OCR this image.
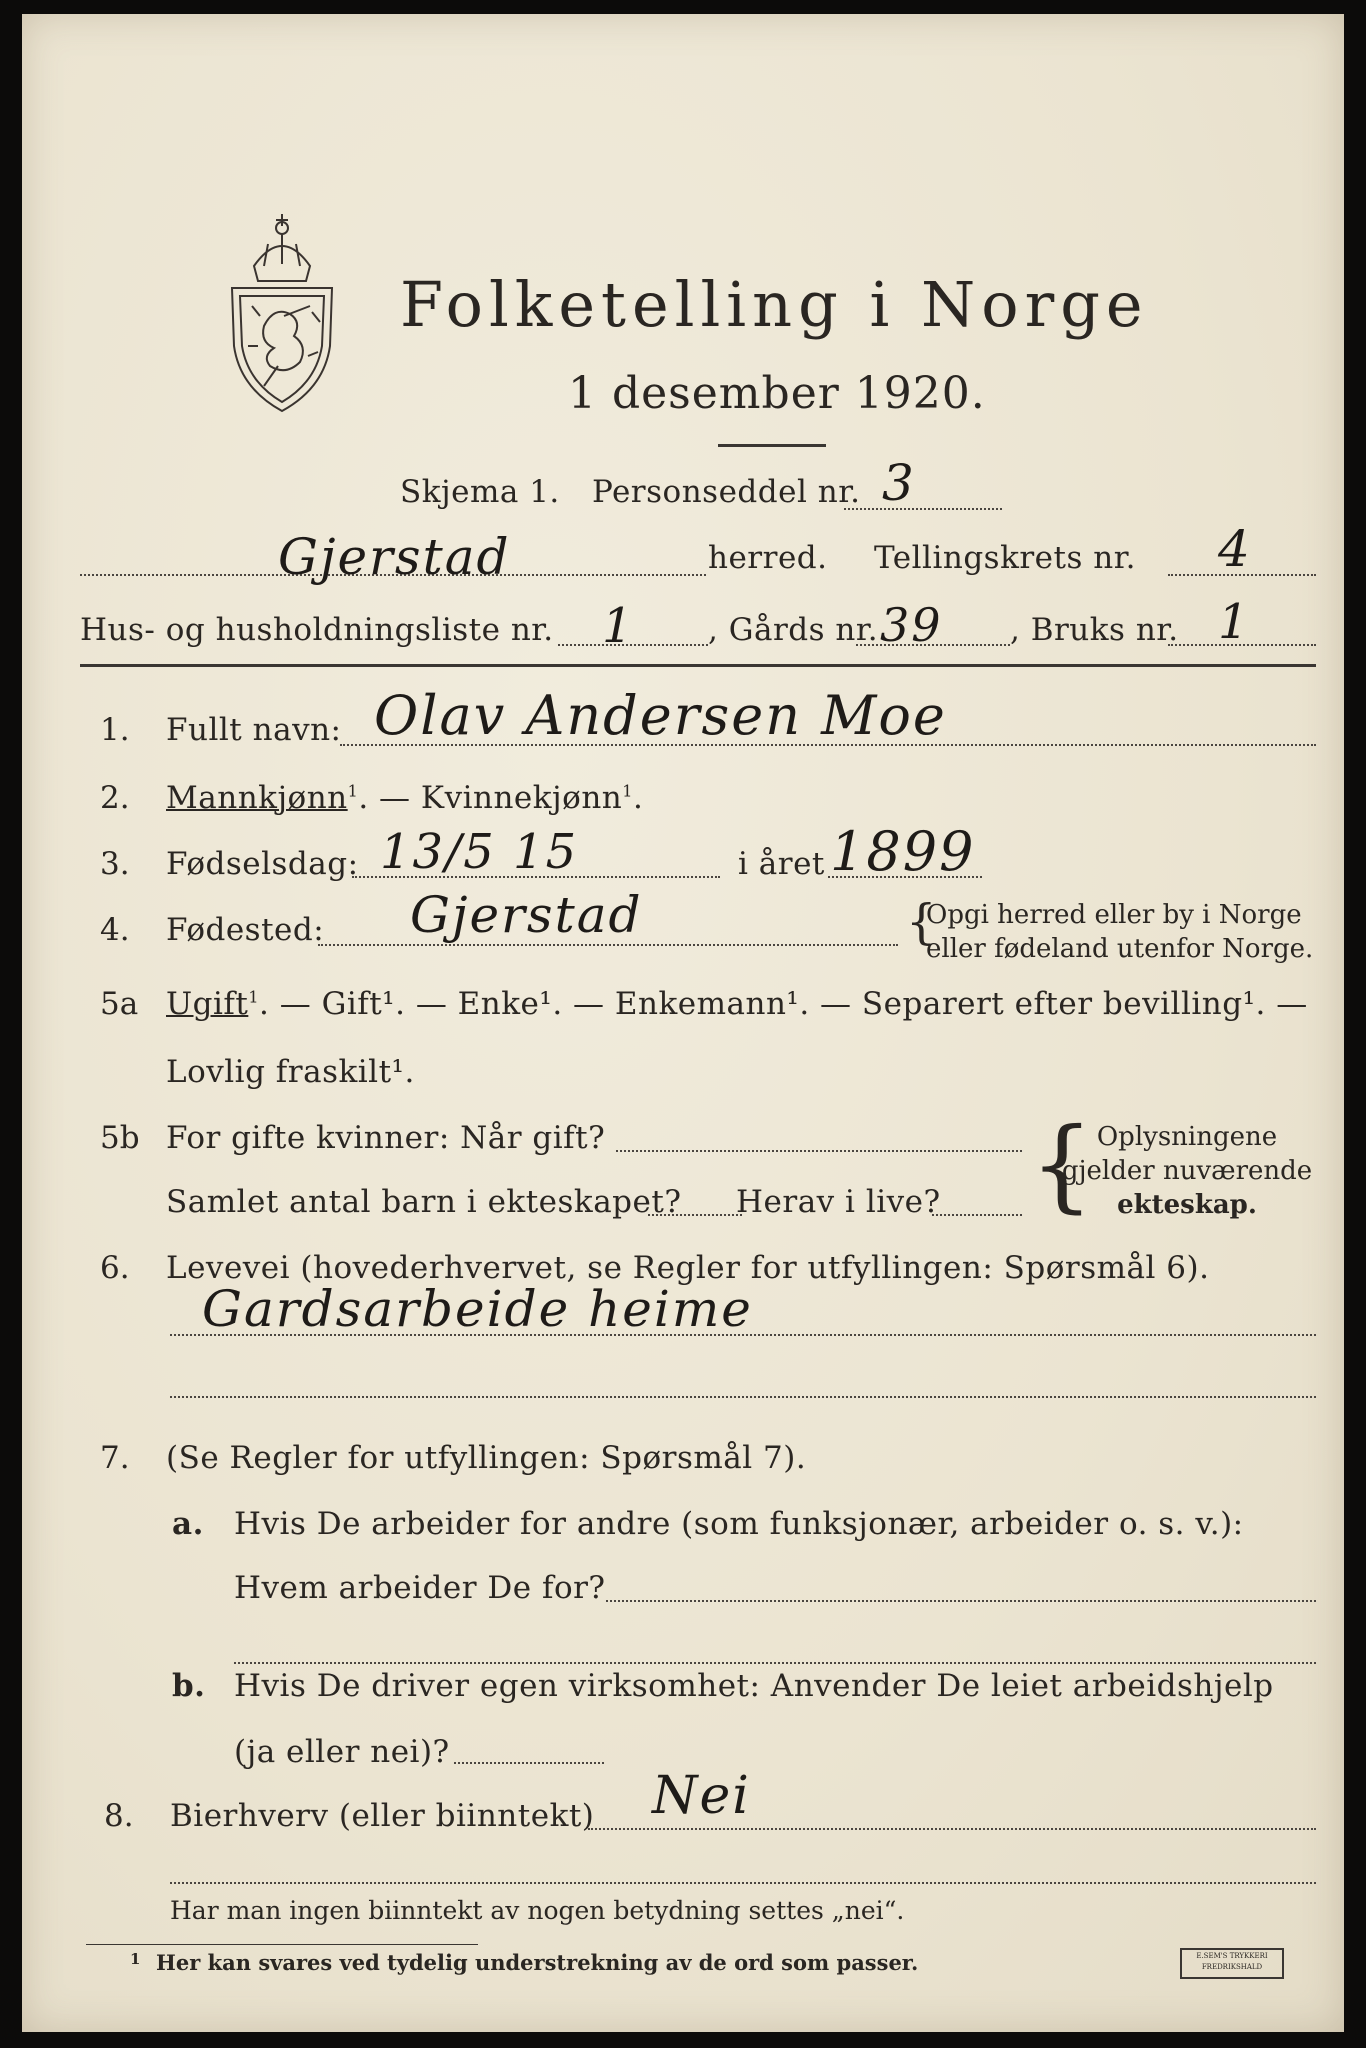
Folketelling i Norge
1 desember 1920.
Skjema 1. Personseddel nr. 3
Gjerstad	herred. Tellingskrets nr. 4
Hus- og husholdningsliste nr. 1 , Gårds nr. 39 , Bruks nr. 1
1. Fullt navn: Olav Andersen Moe
2. Mannkjønn$^1$. — Kvinnekjønn$^1$.
3. Fødselsdag: 13/5 15	i året 1899
4. Fødested: Gjerstad	{
Opgi herred eller by i Norge
eller fødeland utenfor Norge.
5a Ugift$^1$. — Gift¹. — Enke¹. — Enkemann¹. — Separert efter bevilling¹. —
Lovlig fraskilt¹.
5b For gifte kvinner: Når gift?
Samlet antal barn i ekteskapet? Herav i live? { Oplysningene
gjelder nuværende
ekteskap.
6. Levevei (hovederhvervet, se Regler for utfyllingen: Spørsmål 6).
Gardsarbeide heime
7. (Se Regler for utfyllingen: Spørsmål 7).
a. Hvis De arbeider for andre (som funksjonær, arbeider o. s. v.):
Hvem arbeider De for?
b. Hvis De driver egen virksomhet: Anvender De leiet arbeidshjelp
(ja eller nei)?
8. Bierhverv (eller biinntekt) Nei
Har man ingen biinntekt av nogen betydning settes „nei“.
1 Her kan svares ved tydelig understrekning av de ord som passer.	E.SEM'S TRYKKERI
FREDRIKSHALD
